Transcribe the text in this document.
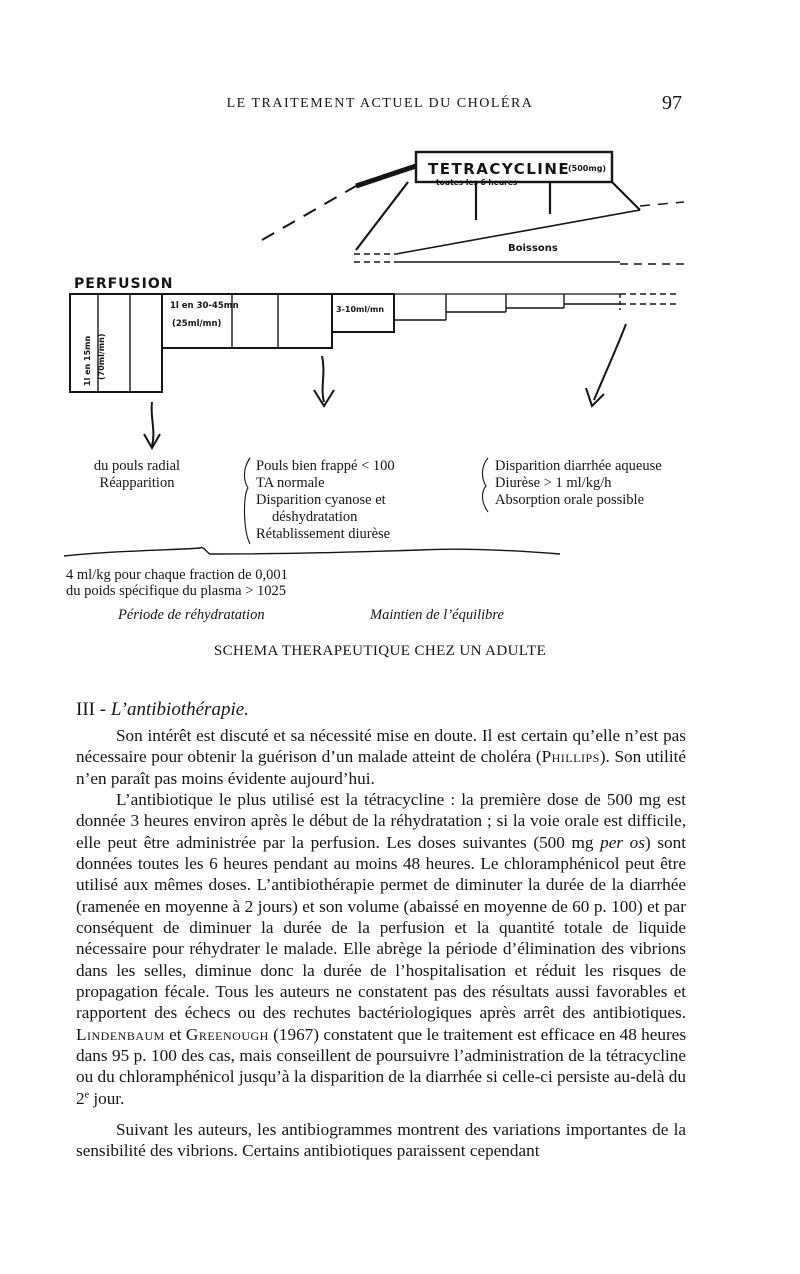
LE TRAITEMENT ACTUEL DU CHOLÉRA	97
TETRACYCLINE
(500mg)
toutes les 6 heures
Boissons
PERFUSION
1l en 30-45mn
(25ml/mn)
3-10ml/mn
1l en 15mn (70ml/mn)
du pouls radial
Réapparition
Pouls bien frappé < 100
TA normale
Disparition cyanose et
déshydratation
Rétablissement diurèse
Disparition diarrhée aqueuse
Diurèse > 1 ml/kg/h
Absorption orale possible
4 ml/kg pour chaque fraction de 0,001
du poids spécifique du plasma > 1025
Période de réhydratation	Maintien de l’équilibre
SCHEMA THERAPEUTIQUE CHEZ UN ADULTE
III - L’antibiothérapie.

Son intérêt est discuté et sa nécessité mise en doute. Il est certain qu’elle n’est pas nécessaire pour obtenir la guérison d’un malade atteint de choléra (Phillips). Son utilité n’en paraît pas moins évidente aujourd’hui.

L’antibiotique le plus utilisé est la tétracycline : la première dose de 500 mg est donnée 3 heures environ après le début de la réhydratation ; si la voie orale est difficile, elle peut être administrée par la perfusion. Les doses suivantes (500 mg per os) sont données toutes les 6 heures pendant au moins 48 heures. Le chloramphénicol peut être utilisé aux mêmes doses. L’antibiothérapie permet de diminuter la durée de la diarrhée (ramenée en moyenne à 2 jours) et son volume (abaissé en moyenne de 60 p. 100) et par conséquent de diminuer la durée de la perfusion et la quantité totale de liquide nécessaire pour réhydrater le malade. Elle abrège la période d’élimination des vibrions dans les selles, diminue donc la durée de l’hospitalisation et réduit les risques de propagation fécale. Tous les auteurs ne constatent pas des résultats aussi favorables et rapportent des échecs ou des rechutes bactériologiques après arrêt des antibiotiques. Lindenbaum et Greenough (1967) constatent que le traitement est efficace en 48 heures dans 95 p. 100 des cas, mais conseillent de poursuivre l’administration de la tétracycline ou du chloramphénicol jusqu’à la disparition de la diarrhée si celle-ci persiste au-delà du 2e jour.

Suivant les auteurs, les antibiogrammes montrent des variations importantes de la sensibilité des vibrions. Certains antibiotiques paraissent cependant
